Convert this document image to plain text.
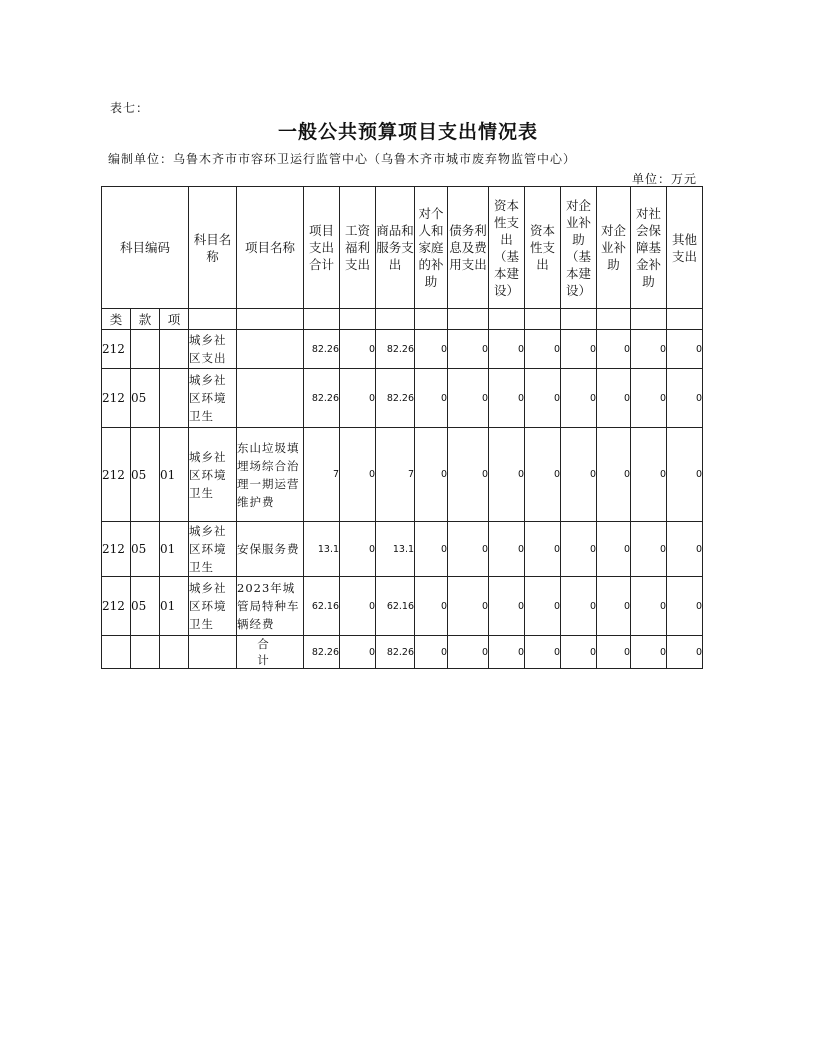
表七：
一般公共预算项目支出情况表
编制单位：乌鲁木齐市市容环卫运行监管中心（乌鲁木齐市城市废弃物监管中心）
单位：万元
科目编码			科目名称	项目名称	项目支出合计	工资福利支出	商品和服务支出	对个人和家庭的补助	债务利息及费用支出	资本性支出（基本建设）	资本性支出	对企业补助（基本建设）	对企业补助	对社会保障基金补助	其他支出
类	款	项													
212			城乡社区支出		82.26	0	82.26	0	0	0	0	0	0	0	0
212	05		城乡社区环境卫生		82.26	0	82.26	0	0	0	0	0	0	0	0
212	05	01	城乡社区环境卫生	东山垃圾填埋场综合治理一期运营维护费	7	0	7	0	0	0	0	0	0	0	0
212	05	01	城乡社区环境卫生	安保服务费	13.1	0	13.1	0	0	0	0	0	0	0	0
212	05	01	城乡社区环境卫生	2023年城管局特种车辆经费	62.16	0	62.16	0	0	0	0	0	0	0	0
				合　计	82.26	0	82.26	0	0	0	0	0	0	0	0
